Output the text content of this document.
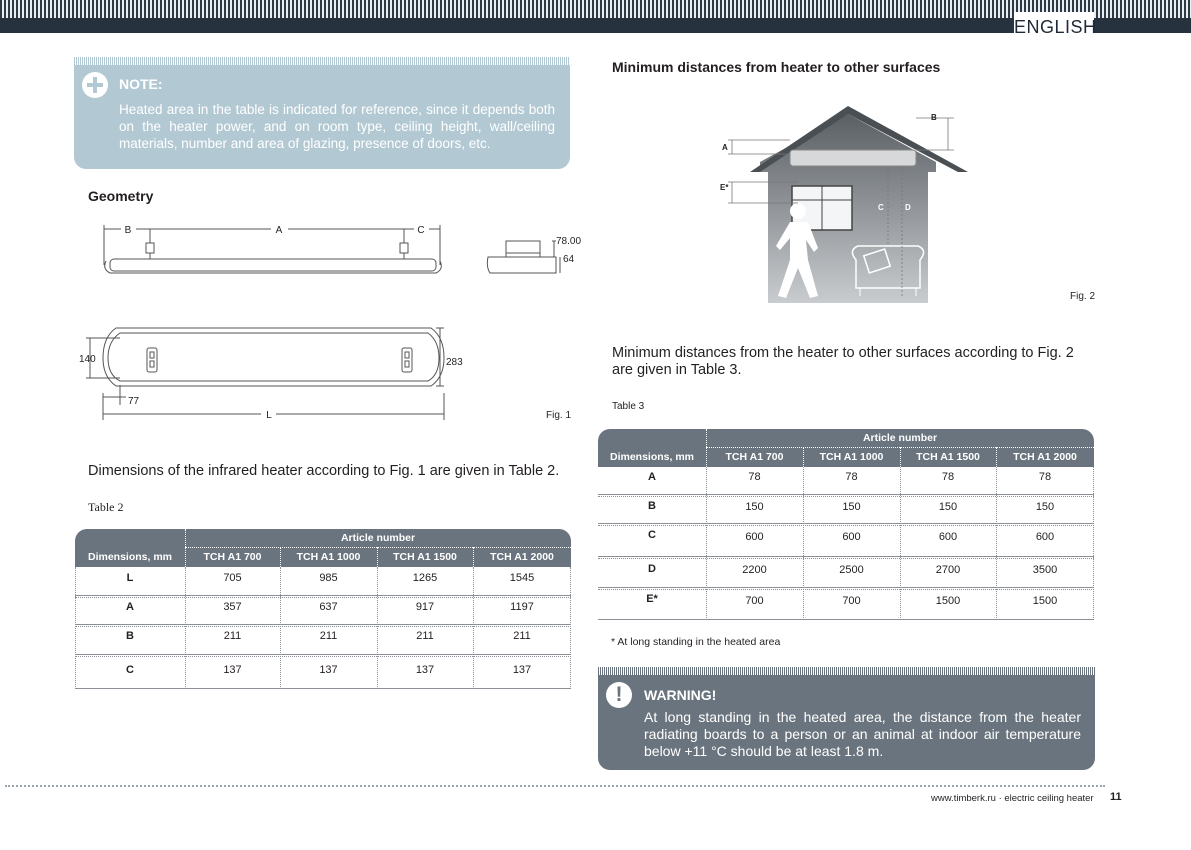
ENGLISH
NOTE:
Heated area in the table is indicated for reference, since it depends both on the heater power, and on room type, ceiling height, wall/ceiling materials, number and area of glazing, presence of doors, etc.
Geometry
B	A	C
78.00
64
140	283
77
L	Fig. 1
Dimensions of the infrared heater according to Fig. 1 are given in Table 2.
Table 2
Article number
Dimensions, mm	TCH A1 700	TCH A1 1000	TCH A1 1500	TCH A1 2000
L	705	985	1265	1545
A	357	637	917	1197
B	211	211	211	211
C	137	137	137	137
Minimum distances from heater to other surfaces
A
E*
B
C	D
Fig. 2
Minimum distances from the heater to other surfaces according to Fig. 2 are given in Table 3.
Table 3
Article number
Dimensions, mm	TCH A1 700	TCH A1 1000	TCH A1 1500	TCH A1 2000
A	78	78	78	78
B	150	150	150	150
C	600	600	600	600
D	2200	2500	2700	3500
E*	700	700	1500	1500
* At long standing in the heated area
!	WARNING!
At long standing in the heated area, the distance from the heater radiating boards to a person or an animal at indoor air temperature below +11 °C should be at least 1.8 m.
www.timberk.ru · electric ceiling heater 11
